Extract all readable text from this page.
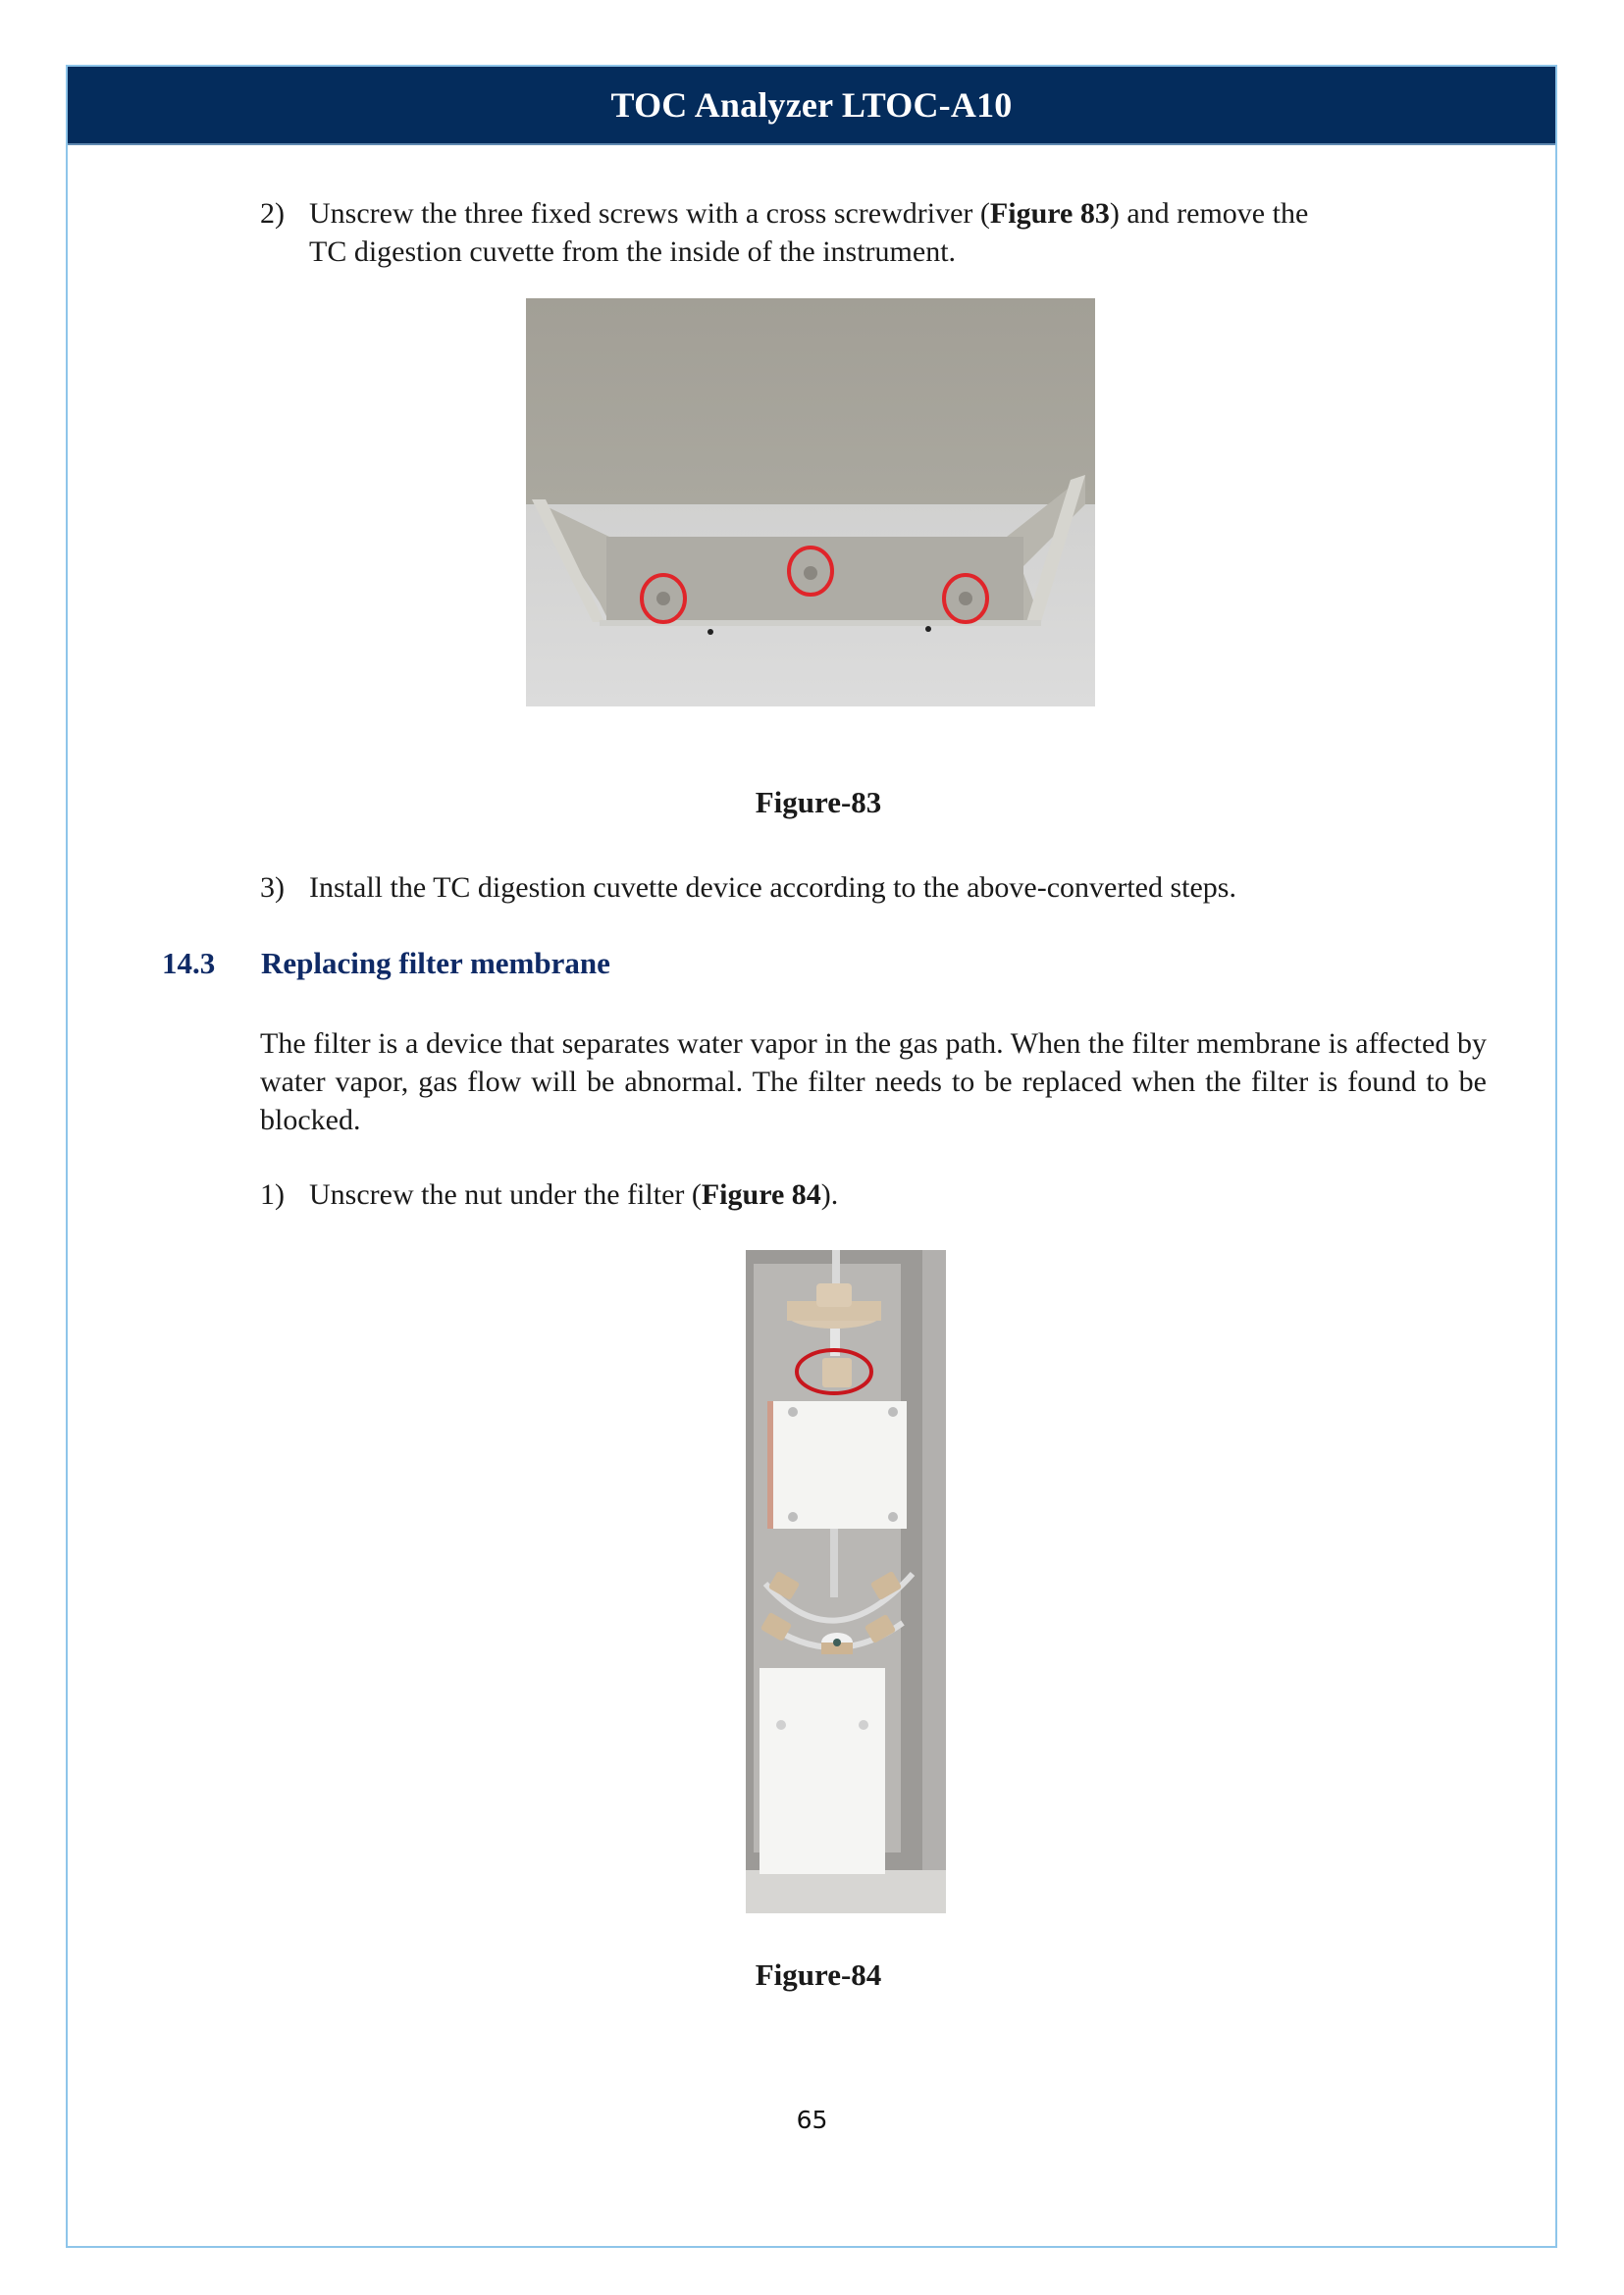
TOC Analyzer LTOC-A10
2) Unscrew the three fixed screws with a cross screwdriver (Figure 83) and remove the
TC digestion cuvette from the inside of the instrument.
Figure-83
3) Install the TC digestion cuvette device according to the above-converted steps.
14.3 Replacing filter membrane
The filter is a device that separates water vapor in the gas path. When the filter membrane is affected by water vapor, gas flow will be abnormal. The filter needs to be replaced when the filter is found to be blocked.
1) Unscrew the nut under the filter (Figure 84).
Figure-84
65
